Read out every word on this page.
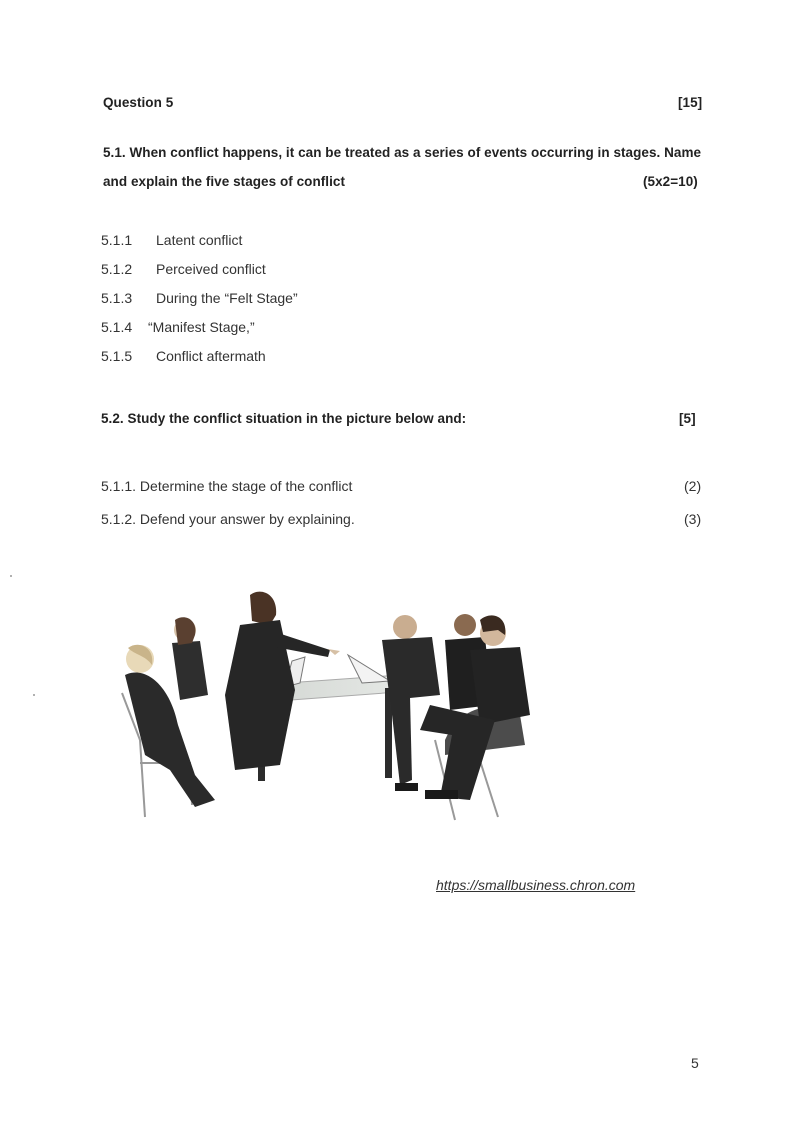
Question 5	[15]
5.1. When conflict happens, it can be treated as a series of events occurring in stages. Name
and explain the five stages of conflict	(5x2=10)
5.1.1 Latent conflict
5.1.2 Perceived conflict
5.1.3 During the “Felt Stage”
5.1.4 “Manifest Stage,”
5.1.5 Conflict aftermath
5.2. Study the conflict situation in the picture below and:	[5]
5.1.1. Determine the stage of the conflict	(2)
5.1.2. Defend your answer by explaining.	(3)
https://smallbusiness.chron.com
5
